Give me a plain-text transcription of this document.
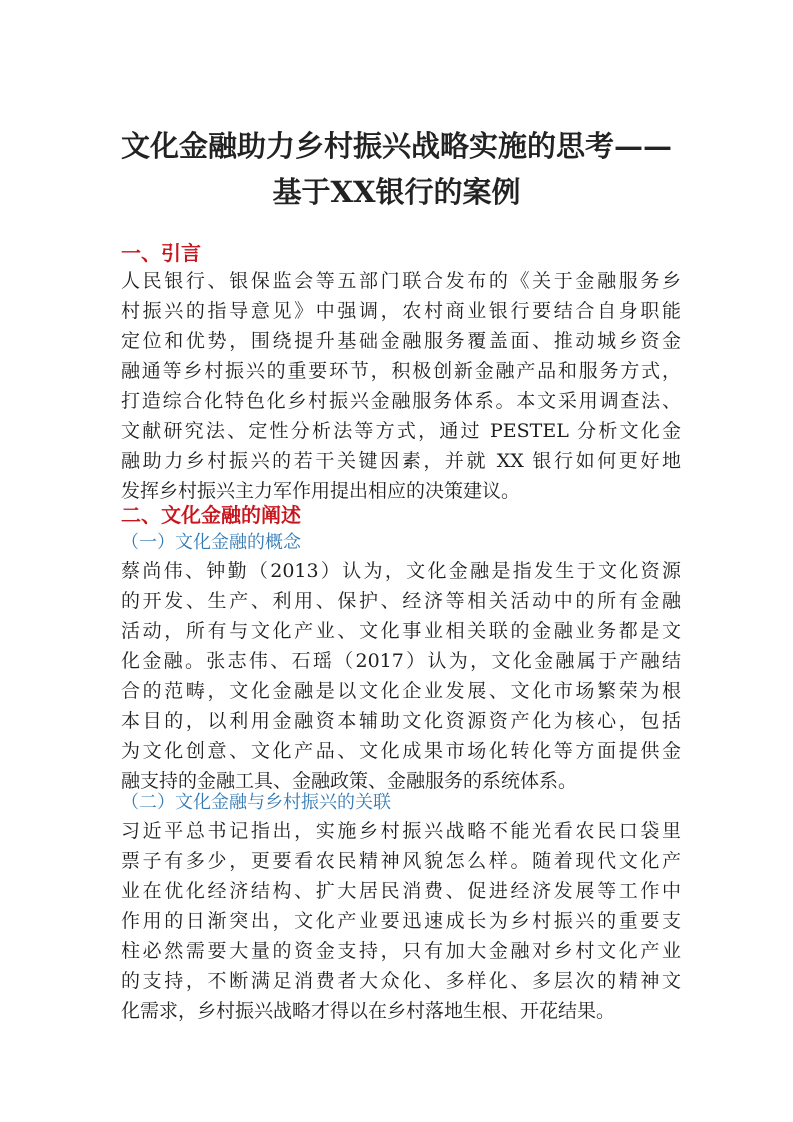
文化金融助力乡村振兴战略实施的思考——
基于XX银行的案例
一、引言
人民银行、银保监会等五部门联合发布的《关于金融服务乡
村振兴的指导意见》中强调，农村商业银行要结合自身职能
定位和优势，围绕提升基础金融服务覆盖面、推动城乡资金
融通等乡村振兴的重要环节，积极创新金融产品和服务方式，
打造综合化特色化乡村振兴金融服务体系。本文采用调查法、
文献研究法、定性分析法等方式，通过 PESTEL 分析文化金
融助力乡村振兴的若干关键因素，并就 XX 银行如何更好地
发挥乡村振兴主力军作用提出相应的决策建议。
二、文化金融的阐述
（一）文化金融的概念
蔡尚伟、钟勤（2013）认为，文化金融是指发生于文化资源
的开发、生产、利用、保护、经济等相关活动中的所有金融
活动，所有与文化产业、文化事业相关联的金融业务都是文
化金融。张志伟、石瑶（2017）认为，文化金融属于产融结
合的范畴，文化金融是以文化企业发展、文化市场繁荣为根
本目的，以利用金融资本辅助文化资源资产化为核心，包括
为文化创意、文化产品、文化成果市场化转化等方面提供金
融支持的金融工具、金融政策、金融服务的系统体系。
（二）文化金融与乡村振兴的关联
习近平总书记指出，实施乡村振兴战略不能光看农民口袋里
票子有多少，更要看农民精神风貌怎么样。随着现代文化产
业在优化经济结构、扩大居民消费、促进经济发展等工作中
作用的日渐突出，文化产业要迅速成长为乡村振兴的重要支
柱必然需要大量的资金支持，只有加大金融对乡村文化产业
的支持，不断满足消费者大众化、多样化、多层次的精神文
化需求，乡村振兴战略才得以在乡村落地生根、开花结果。
